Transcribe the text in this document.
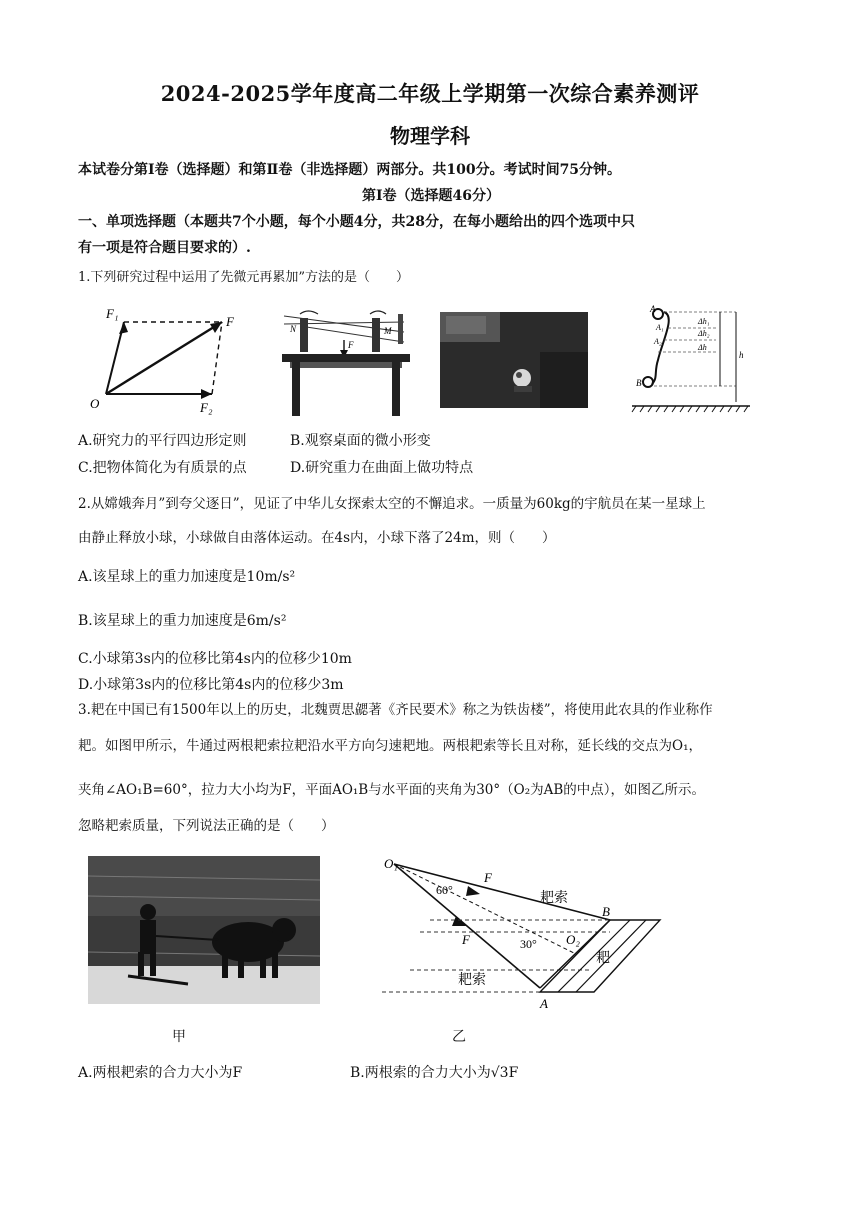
2024-2025学年度高二年级上学期第一次综合素养测评
物理学科
本试卷分第Ⅰ卷（选择题）和第Ⅱ卷（非选择题）两部分。共100分。考试时间75分钟。
第Ⅰ卷（选择题46分）
一、单项选择题（本题共7个小题，每个小题4分，共28分，在每小题给出的四个选项中只
有一项是符合题目要求的）.
1.下列研究过程中运用了先微元再累加”方法的是（　　）
F₁
F
O	F₂
N	M
F
A
A₁
A₂
Δh₁
Δh₂
Δh
B
h
A.研究力的平行四边形定则	B.观察桌面的微小形变
C.把物体简化为有质景的点	D.研究重力在曲面上做功特点
2.从嫦娥奔月”到夸父逐日”，见证了中华儿女探索太空的不懈追求。一质量为60kg的宇航员在某一星球上
由静止释放小球，小球做自由落体运动。在4s内，小球下落了24m，则（　　）
A.该星球上的重力加速度是10m/s²
B.该星球上的重力加速度是6m/s²
C.小球第3s内的位移比第4s内的位移少10m
D.小球第3s内的位移比第4s内的位移少3m
3.耙在中国已有1500年以上的历史，北魏贾思勰著《齐民要术》称之为铁齿楼”，将使用此农具的作业称作
耙。如图甲所示，牛通过两根耙索拉耙沿水平方向匀速耙地。两根耙索等长且对称，延长线的交点为O₁，
夹角∠AO₁B=60°，拉力大小均为F，平面AO₁B与水平面的夹角为30°（O₂为AB的中点），如图乙所示。
忽略耙索质量，下列说法正确的是（　　）
O₁
60°
F
耙索
B
F	30° O₂
耙
耙索
A
甲	乙
A.两根耙索的合力大小为F	B.两根索的合力大小为√3F
